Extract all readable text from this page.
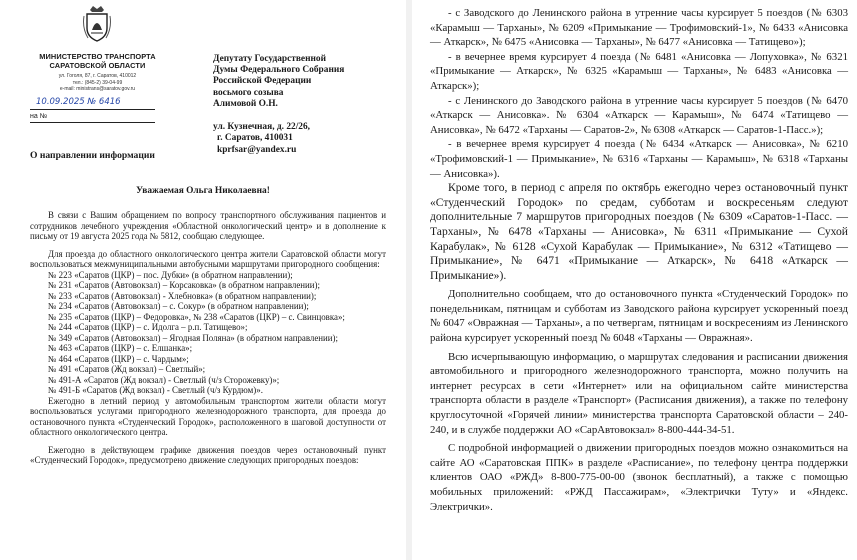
МИНИСТЕРСТВО ТРАНСПОРТА САРАТОВСКОЙ ОБЛАСТИ
ул. Гоголя, 87, г. Саратов, 410012
тел.: (845-2) 39-04-99
e-mail: ministrans@saratov.gov.ru
10.09.2025 № 6416
на №
Депутату Государственной
Думы Федерального Собрания
Российской Федерации
восьмого созыва
Алимовой О.Н.
ул. Кузнечная, д. 22/26,
г. Саратов, 410031
kprfsar@yandex.ru
О направлении информации
Уважаемая Ольга Николаевна!

В связи с Вашим обращением по вопросу транспортного обслуживания пациентов и сотрудников лечебного учреждения «Областной онкологический центр» и в дополнение к письму от 19 августа 2025 года № 5812, сообщаю следующее.

Для проезда до областного онкологического центра жители Саратовской области могут воспользоваться межмуниципальными автобусными маршрутами пригородного сообщения:

№ 223 «Саратов (ЦКР) – пос. Дубки» (в обратном направлении);

№ 231 «Саратов (Автовокзал) – Корсаковка» (в обратном направлении);

№ 233 «Саратов (Автовокзал) - Хлебновка» (в обратном направлении);

№ 234 «Саратов (Автовокзал) – с. Сокур» (в обратном направлении);

№ 235 «Саратов (ЦКР) – Федоровка», № 238 «Саратов (ЦКР) – с. Свинцовка»;

№ 244 «Саратов (ЦКР) – с. Идолга – р.п. Татищево»;

№ 349 «Саратов (Автовокзал) – Ягодная Поляна» (в обратном направлении);

№ 463 «Саратов (ЦКР) – с. Елшанка»;

№ 464 «Саратов (ЦКР) – с. Чардым»;

№ 491 «Саратов (Жд вокзал) – Светлый»;

№ 491-А «Саратов (Жд вокзал) - Светлый (ч/з Сторожевку)»;

№ 491-Б «Саратов (Жд вокзал) - Светлый (ч/з Курдюм)».

Ежегодно в летний период у автомобильным транспортом жители области могут воспользоваться услугами пригородного железнодорожного транспорта, для проезда до остановочного пункта «Студенческий Городок», расположенного в шаговой доступности от областного онкологического центра.

Ежегодно в действующем графике движения поездов через остановочный пункт «Студенческий Городок», предусмотрено движение следующих пригородных поездов:

- с Заводского до Ленинского района в утренние часы курсирует 5 поездов (№ 6303 «Карамыш — Тарханы», № 6209 «Примыкание — Трофимовский-1», № 6433 «Анисовка — Аткарск», № 6475 «Анисовка — Тарханы», № 6477 «Анисовка — Татищево»);

- в вечернее время курсирует 4 поезда (№ 6481 «Анисовка — Лопуховка», № 6321 «Примыкание — Аткарск», № 6325 «Карамыш — Тарханы», № 6483 «Анисовка — Аткарск»);

- с Ленинского до Заводского района в утренние часы курсирует 5 поездов (№ 6470 «Аткарск — Анисовка». № 6304 «Аткарск — Карамыш», № 6474 «Татищево — Анисовка», № 6472 «Тарханы — Саратов-2», № 6308 «Аткарск — Саратов-1-Пасс.»);

- в вечернее время курсирует 4 поезда (№ 6434 «Аткарск — Анисовка», № 6210 «Трофимовский-1 — Примыкание», № 6316 «Тарханы — Карамыш», № 6318 «Тарханы — Анисовка»).

Кроме того, в период с апреля по октябрь ежегодно через остановочный пункт «Студенческий Городок» по средам, субботам и воскресеньям следуют дополнительные 7 маршрутов пригородных поездов (№ 6309 «Саратов-1-Пасс. — Тарханы», № 6478 «Тарханы — Анисовка», № 6311 «Примыкание — Сухой Карабулак», № 6128 «Сухой Карабулак — Примыкание», № 6312 «Татищево — Примыкание», № 6471 «Примыкание — Аткарск», № 6418 «Аткарск — Примыкание»).

Дополнительно сообщаем, что до остановочного пункта «Студенческий Городок» по понедельникам, пятницам и субботам из Заводского района курсирует ускоренный поезд № 6047 «Овражная — Тарханы», а по четвергам, пятницам и воскресениям из Ленинского района курсирует ускоренный поезд № 6048 «Тарханы — Овражная».

Всю исчерпывающую информацию, о маршрутах следования и расписании движения автомобильного и пригородного железнодорожного транспорта, можно получить на интернет ресурсах в сети «Интернет» или на официальном сайте министерства транспорта области в разделе «Транспорт» (Расписания движения), а также по телефону круглосуточной «Горячей линии» министерства транспорта Саратовской области – 240-240, и в службе поддержки АО «СарАвтовокзал» 8-800-444-34-51.

С подробной информацией о движении пригородных поездов можно ознакомиться на сайте АО «Саратовская ППК» в разделе «Расписание», по телефону центра поддержки клиентов ОАО «РЖД» 8-800-775-00-00 (звонок бесплатный), а также с помощью мобильных приложений: «РЖД Пассажирам», «Электрички Туту» и «Яндекс. Электрички».
